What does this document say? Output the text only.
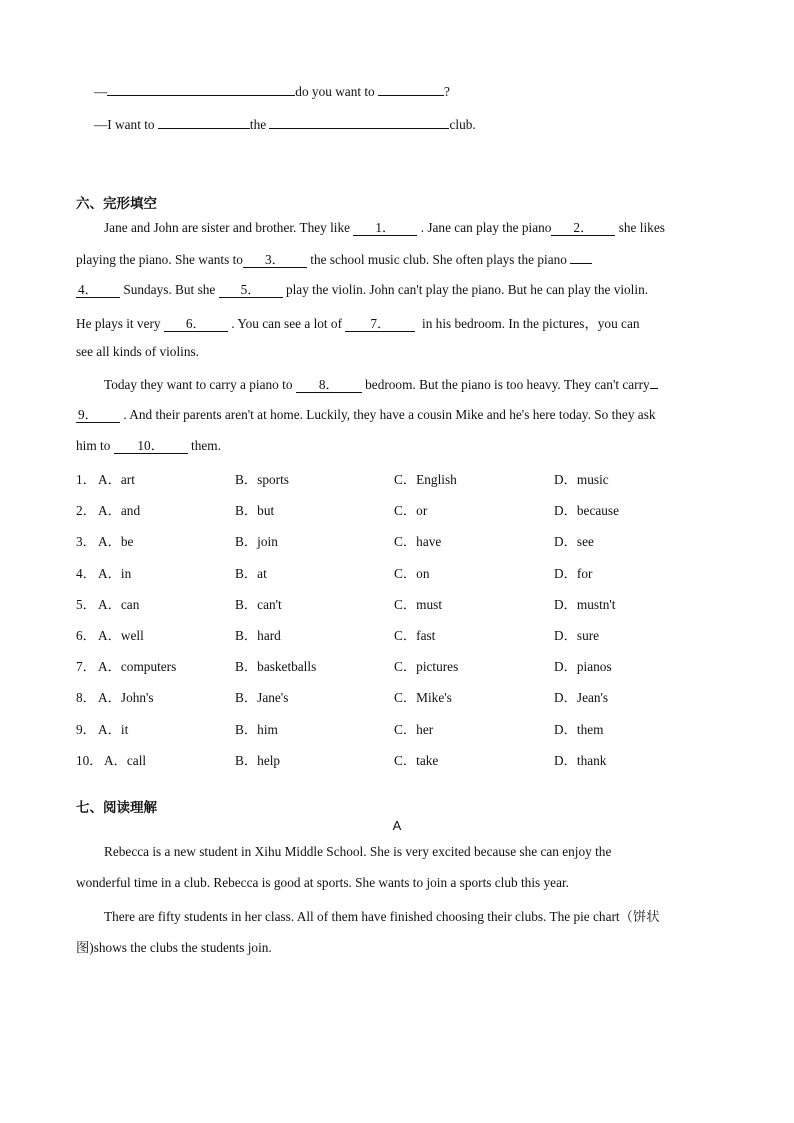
—	do you want to	?
—I want to	the	club.
六、完形填空
Jane and John are sister and brother. They like 1． . Jane can play the piano 2． she likes
playing the piano. She wants to 3． the school music club. She often plays the piano
4． Sundays. But she 5． play the violin. John can't play the piano. But he can play the violin.
He plays it very 6． . You can see a lot of 7． in his bedroom. In the pictures，you can
see all kinds of violins.
Today they want to carry a piano to 8． bedroom. But the piano is too heavy. They can't carry
9． . And their parents aren't at home. Luckily, they have a cousin Mike and he's here today. So they ask
him to 10． them.
1． A．art	B．sports	C．English	D．music
2． A．and	B．but	C．or	D．because
3． A．be	B．join	C．have	D．see
4． A．in	B．at	C．on	D．for
5． A．can	B．can't	C．must	D．mustn't
6． A．well	B．hard	C．fast	D．sure
7． A．computers	B．basketballs	C．pictures	D．pianos
8． A．John's	B．Jane's	C．Mike's	D．Jean's
9． A．it	B．him	C．her	D．them
10． A．call	B．help	C．take	D．thank
七、阅读理解
A
Rebecca is a new student in Xihu Middle School. She is very excited because she can enjoy the
wonderful time in a club. Rebecca is good at sports. She wants to join a sports club this year.
There are fifty students in her class. All of them have finished choosing their clubs. The pie chart（饼状
图)shows the clubs the students join.
